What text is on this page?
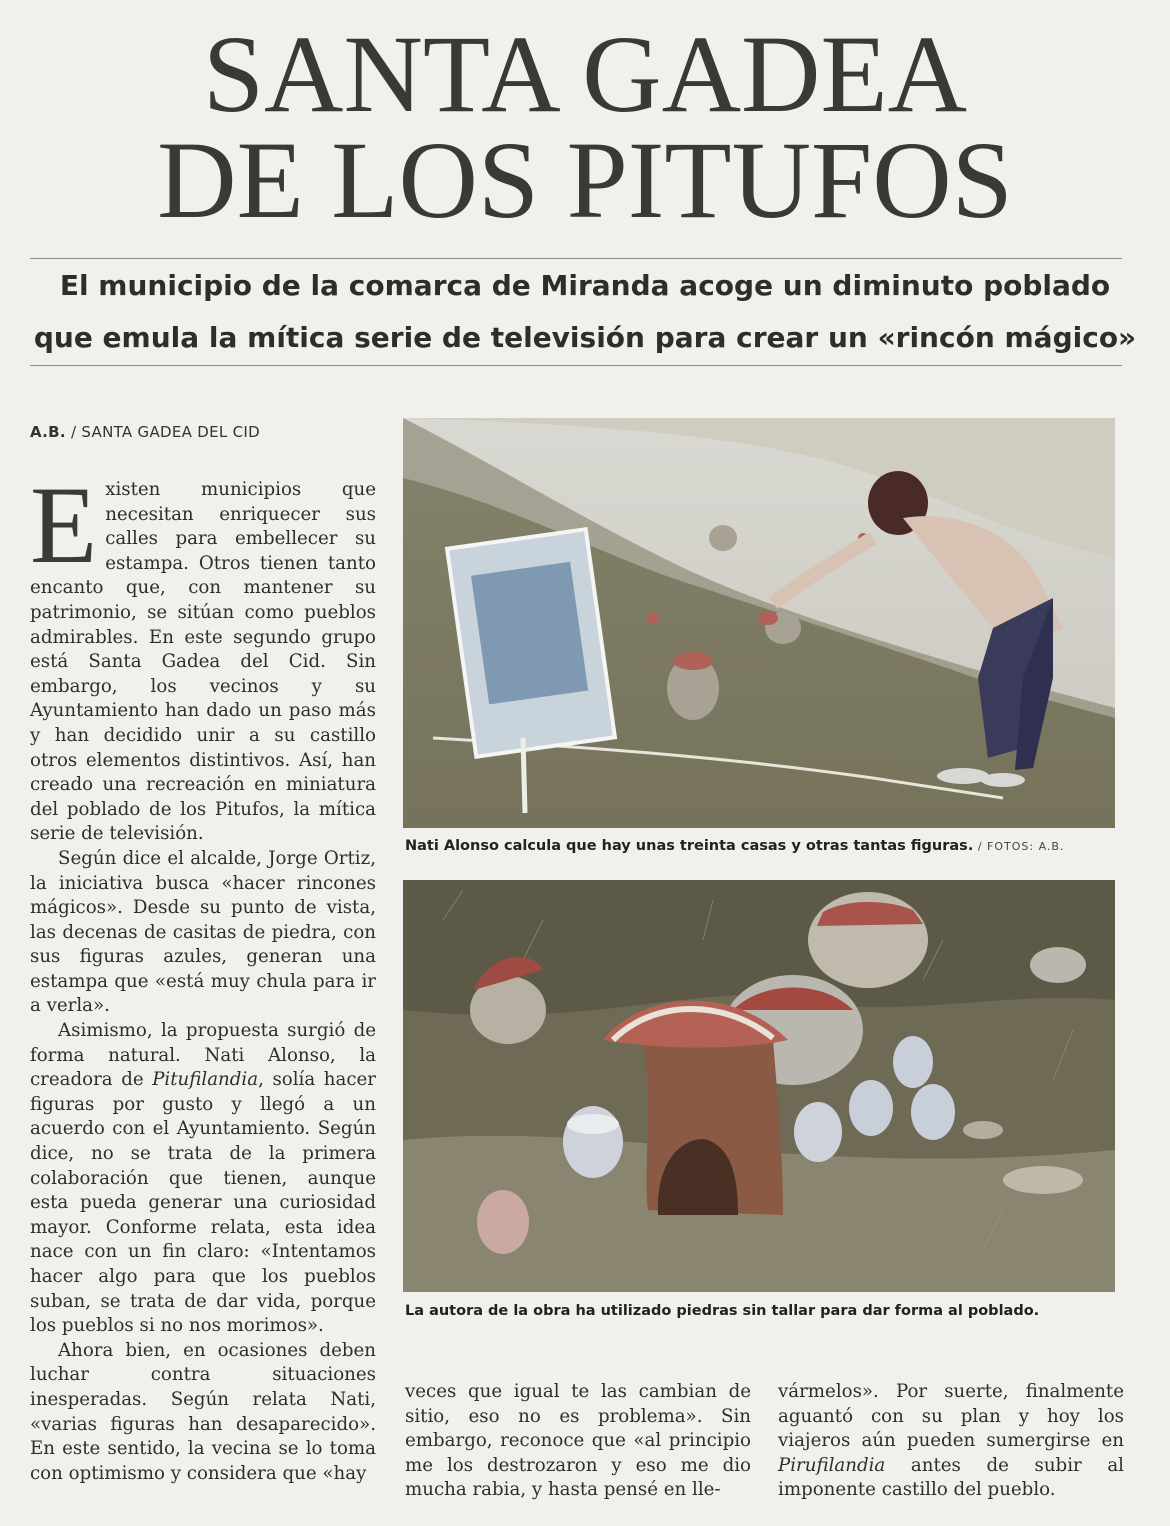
SANTA GADEA
DE LOS PITUFOS
El municipio de la comarca de Miranda acoge un diminuto poblado
que emula la mítica serie de televisión para crear un «rincón mágico»
A.B. / SANTA GADEA DEL CID

Existen municipios que necesitan enriquecer sus calles para embellecer su estampa. Otros tienen tanto encanto que, con mantener su patrimonio, se sitúan como pueblos admirables. En este segundo grupo está Santa Gadea del Cid. Sin embargo, los vecinos y su Ayuntamiento han dado un paso más y han decidido unir a su castillo otros elementos distintivos. Así, han creado una recreación en miniatura del poblado de los Pitufos, la mítica serie de televisión.

Según dice el alcalde, Jorge Ortiz, la iniciativa busca «hacer rincones mágicos». Desde su punto de vista, las decenas de casitas de piedra, con sus figuras azules, generan una estampa que «está muy chula para ir a verla».

Asimismo, la propuesta surgió de forma natural. Nati Alonso, la creadora de Pitufilandia, solía hacer figuras por gusto y llegó a un acuerdo con el Ayuntamiento. Según dice, no se trata de la primera colaboración que tienen, aunque esta pueda generar una curiosidad mayor. Conforme relata, esta idea nace con un fin claro: «Intentamos hacer algo para que los pueblos suban, se trata de dar vida, porque los pueblos si no nos morimos».

Ahora bien, en ocasiones deben luchar contra situaciones inesperadas. Según relata Nati, «varias figuras han desaparecido». En este sentido, la vecina se lo toma con optimismo y considera que «hay

Nati Alonso calcula que hay unas treinta casas y otras tantas figuras. / FOTOS: A.B.
La autora de la obra ha utilizado piedras sin tallar para dar forma al poblado.

veces que igual te las cambian de sitio, eso no es problema». Sin embargo, reconoce que «al principio me los destrozaron y eso me dio mucha rabia, y hasta pensé en lle-

vármelos». Por suerte, finalmente aguantó con su plan y hoy los viajeros aún pueden sumergirse en Pirufilandia antes de subir al imponente castillo del pueblo.
